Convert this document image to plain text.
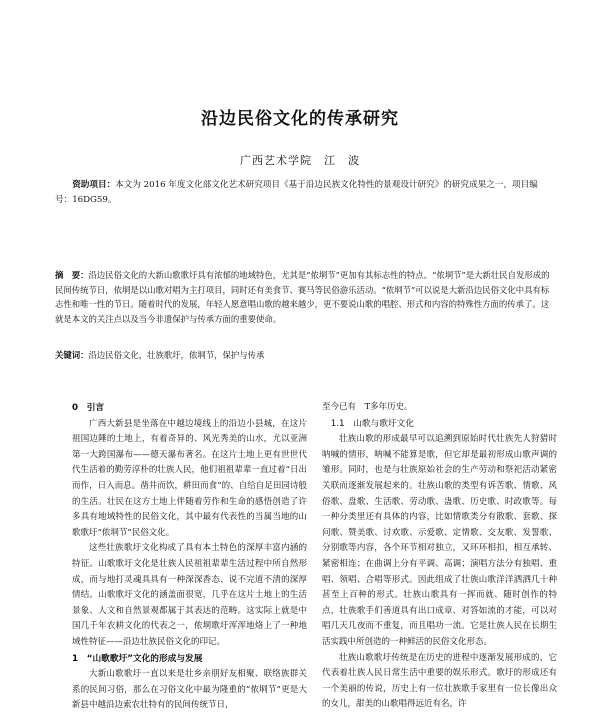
沿边民俗文化的传承研究
广西艺术学院　江　波

资助项目：本文为 2016 年度文化部文化艺术研究项目《基于沿边民族文化特性的景观设计研究》的研究成果之一，项目编号：16DG59。

摘　要：沿边民俗文化的大新山歌歌圩具有浓郁的地域特色，尤其是“侬垌节”更加有其标志性的特点。“侬垌节”是大新壮民自发形成的民间传统节日，依垌是以山歌对唱为主打项目，同时还有美食节、赛马等民俗游乐活动。“侬垌节”可以说是大新沿边民俗文化中具有标志性和唯一性的节日。随着时代的发展，年轻人愿意唱山歌的越来越少，更不要说山歌的唱腔、形式和内容的特殊性方面的传承了。这就是本文的关注点以及当今非遗保护与传承方面的重要使命。

关键词：沿边民俗文化，壮族歌圩，侬垌节，保护与传承

0　引言

广西大新县是坐落在中越边境线上的沿边小县城，在这片祖国边陲的土地上，有着奇异的、风光秀美的山水，尤以亚洲第一大跨国瀑布——德天瀑布著名。在这片土地上更有世世代代生活着的勤劳淳朴的壮族人民，他们祖祖辈辈一直过着“日出而作，日入而息。凿井而饮，耕田而食”的、自给自足田园诗般的生活。壮民在这方土地上伴随着劳作和生命的感悟创造了许多具有地域特性的民俗文化，其中最有代表性的当属当地的山歌歌圩“侬垌节”民俗文化。

这些壮族歌圩文化构成了具有本土特色的深厚丰富内涵的特征。山歌歌圩文化是壮族人民祖祖辈辈生活过程中所自然形成，而与地打灵魂具具有一种深深香态、说不完道不清的深厚情结。山歌歌圩文化的涵盖面很宽，几乎在这片土地上的生活景象、人文和自然景观都属于其表达的范畴。这实际上就是中国几千年农耕文化的代表之一，侬垌歌圩浑浑地烙上了一种地域性特征——沿边壮族民俗文化的印记。

1　“山歌歌圩”文化的形成与发展

大新山歌歌圩一直以来是壮乡亲朋好友相聚、联络族群关系的民间习俗，那么在习俗文化中最为隆重的“侬垌节”更是大新县中越沿边索农壮特有的民间传统节日，

至今已有　T多年历史。

1.1　山歌与歌圩文化

壮族山歌的形成最早可以追溯到原始时代壮族先人狩猎时呐喊的情形，呐喊不能算是歌，但它却是最初形成山歌声调的雏形。同时，也是与壮族原始社会的生产劳动和祭祀活动紧密关联而逐渐发展起来的。壮族山歌的类型有诉苦歌、情歌、风俗歌、盘歌、生活歌、劳动歌、蛊歌、历史歌、时政歌等。每一种分类里还有具体的内容，比如情歌类分有散歌、套歌、探问歌、赞美歌、讨欢歌、示爱歌、定情歌、交友歌、发誓歌、分别歌等内容，各个环节相对独立，又环环相扣，相互承转、紧密相连；在曲调上分有平调、高调；演唱方法分有独唱、重唱、领唱、合唱等形式。因此组成了壮族山歌洋洋洒洒几十种甚至上百种的形式。壮族山歌具有一挥而就、随时创作的特点，壮族歌手们善道具有出口成章、对答如流的才能，可以对唱几天几夜而不重复，而且唱功一流。它是壮族人民在长期生活实践中所创造的一种鲜活的民俗文化形态。

壮族山歌歌圩传统是在历史的进程中逐渐发展形成的，它代表着壮族人民日常生活中重要的娱乐形式。歌圩的形成还有一个美丽的传说，历史上有一位壮族歌手家里有一位长像出众的女儿，甜美的山歌唱得远近有名，许
